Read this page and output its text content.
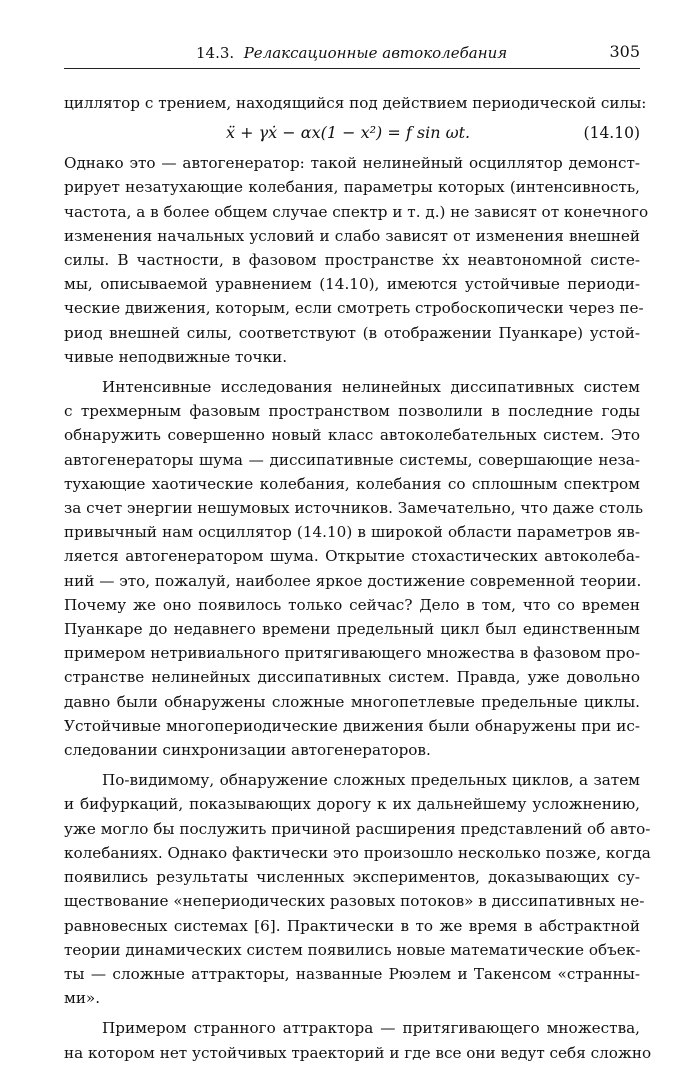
14.3. Релаксационные автоколебания	305

циллятор с трением, находящийся под действием периодической силы:

ẍ + γẋ − αx(1 − x²) = f sin ωt.	(14.10)

Однако это — автогенератор: такой нелинейный осциллятор демонст-
рирует незатухающие колебания, параметры которых (интенсивность,
частота, а в более общем случае спектр и т. д.) не зависят от конечного
изменения начальных условий и слабо зависят от изменения внешней
силы. В частности, в фазовом пространстве ẋx неавтономной систе-
мы, описываемой уравнением (14.10), имеются устойчивые периоди-
ческие движения, которым, если смотреть стробоскопически через пе-
риод внешней силы, соответствуют (в отображении Пуанкаре) устой-
чивые неподвижные точки.

Интенсивные исследования нелинейных диссипативных систем
с трехмерным фазовым пространством позволили в последние годы
обнаружить совершенно новый класс автоколебательных систем. Это
автогенераторы шума — диссипативные системы, совершающие неза-
тухающие хаотические колебания, колебания со сплошным спектром
за счет энергии нешумовых источников. Замечательно, что даже столь
привычный нам осциллятор (14.10) в широкой области параметров яв-
ляется автогенератором шума. Открытие стохастических автоколеба-
ний — это, пожалуй, наиболее яркое достижение современной теории.
Почему же оно появилось только сейчас? Дело в том, что со времен
Пуанкаре до недавнего времени предельный цикл был единственным
примером нетривиального притягивающего множества в фазовом про-
странстве нелинейных диссипативных систем. Правда, уже довольно
давно были обнаружены сложные многопетлевые предельные циклы.
Устойчивые многопериодические движения были обнаружены при ис-
следовании синхронизации автогенераторов.

По-видимому, обнаружение сложных предельных циклов, а затем
и бифуркаций, показывающих дорогу к их дальнейшему усложнению,
уже могло бы послужить причиной расширения представлений об авто-
колебаниях. Однако фактически это произошло несколько позже, когда
появились результаты численных экспериментов, доказывающих су-
ществование «непериодических разовых потоков» в диссипативных не-
равновесных системах [6]. Практически в то же время в абстрактной
теории динамических систем появились новые математические объек-
ты — сложные аттракторы, названные Рюэлем и Такенсом «странны-
ми».

Примером странного аттрактора — притягивающего множества,
на котором нет устойчивых траекторий и где все они ведут себя сложно
